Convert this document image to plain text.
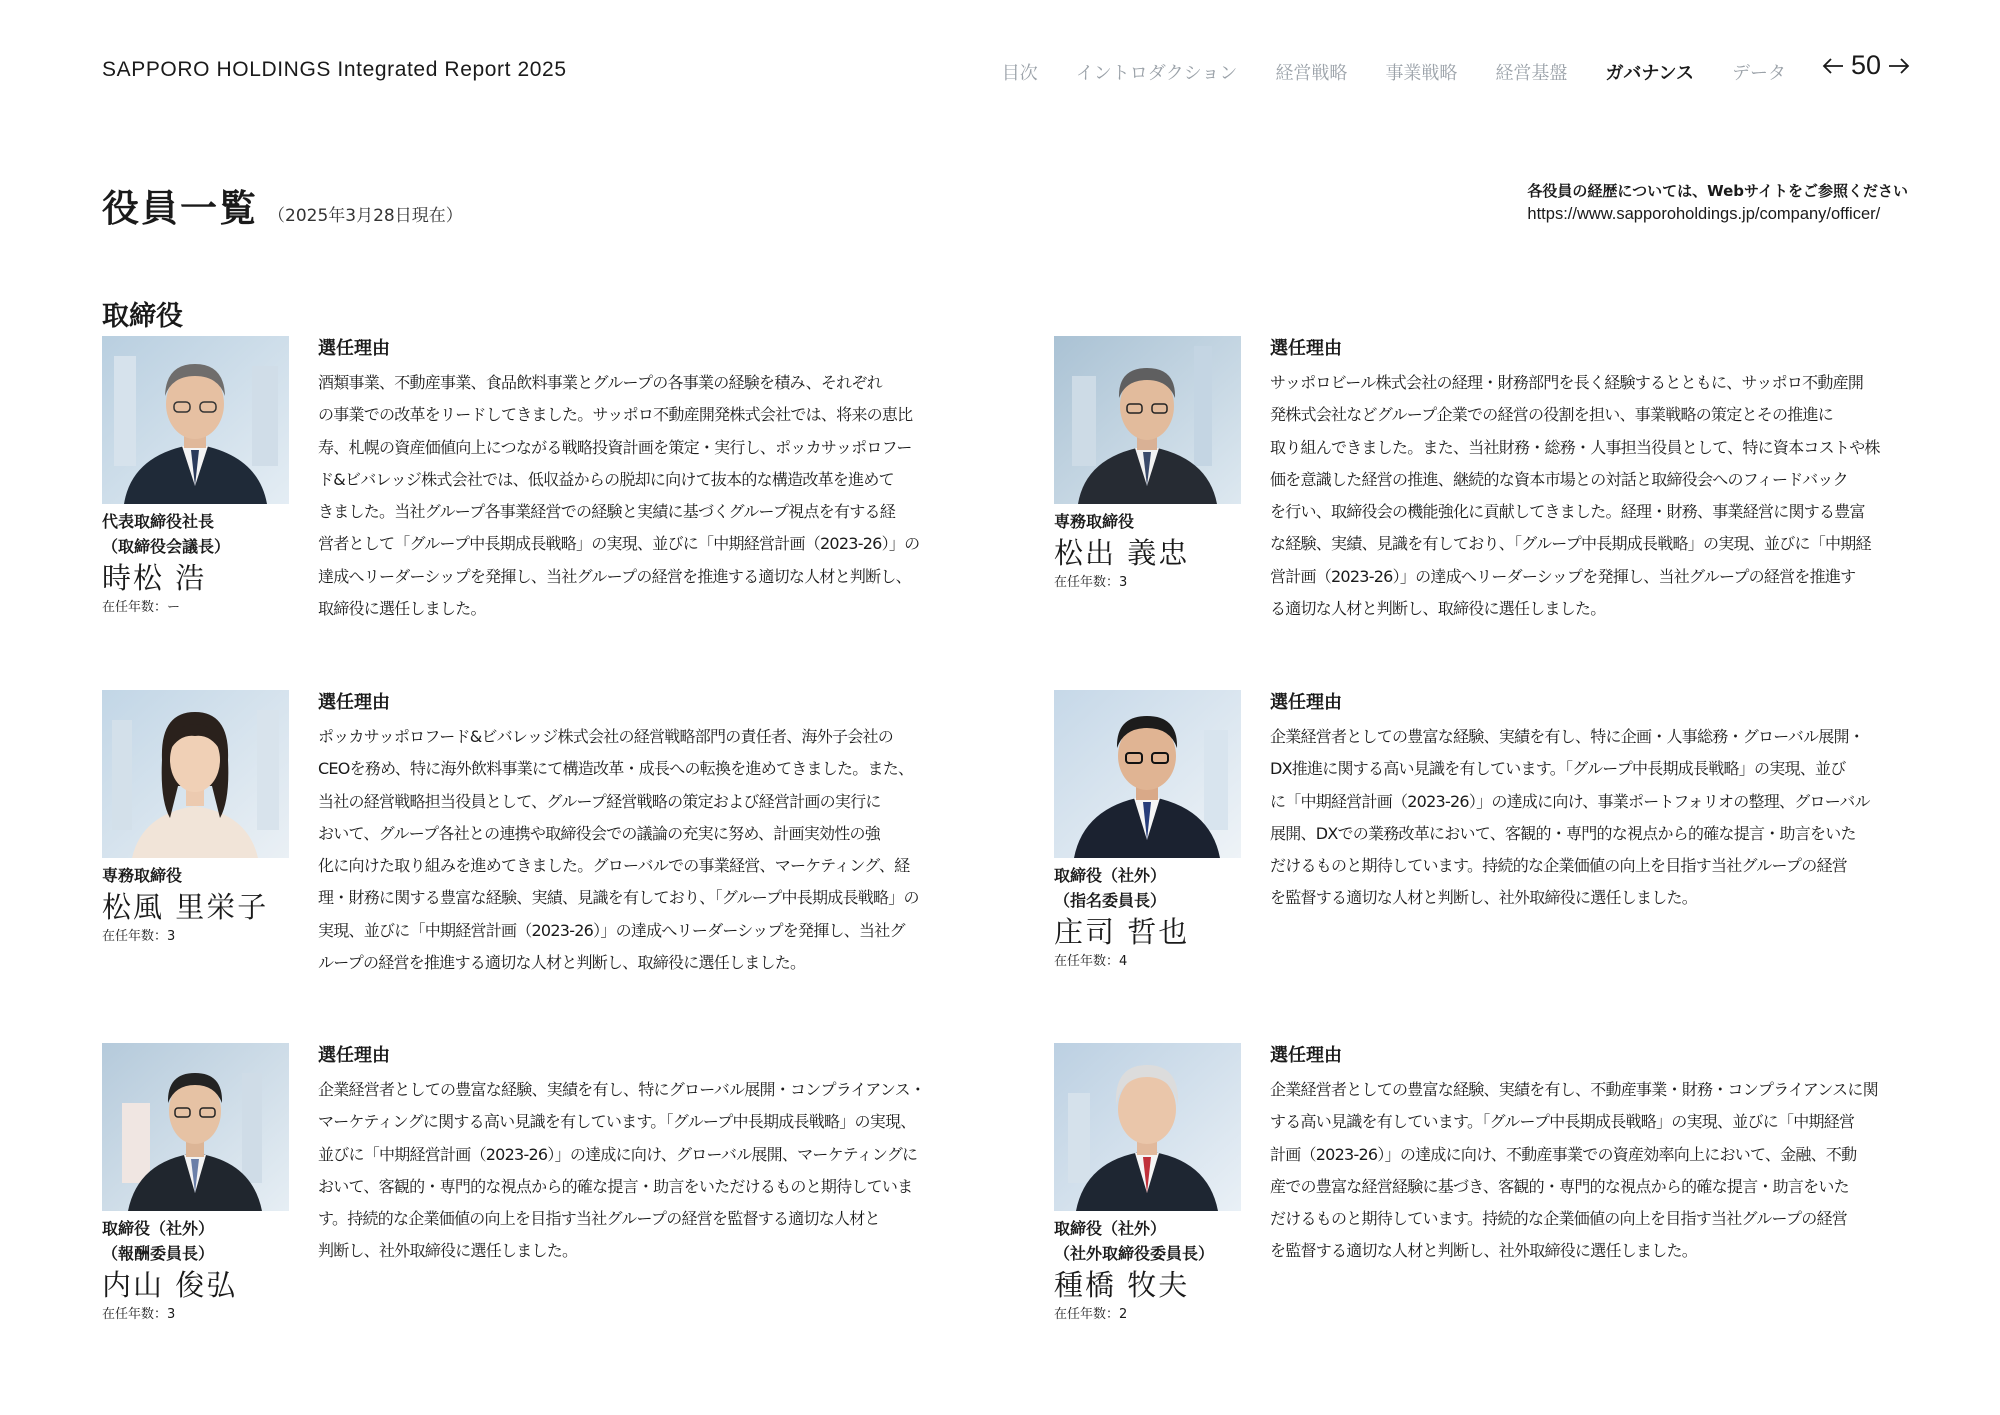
SAPPORO HOLDINGS Integrated Report 2025	目次 イントロダクション 経営戦略 事業戦略 経営基盤 ガバナンス データ 50
役員一覧 （2025年3月28日現在）
各役員の経歴については、Webサイトをご参照ください
https://www.sapporoholdings.jp/company/officer/
取締役
代表取締役社長
（取締役会議長）
時松 浩
在任年数：ー
選任理由
酒類事業、不動産事業、食品飲料事業とグループの各事業の経験を積み、それぞれ
の事業での改革をリードしてきました。サッポロ不動産開発株式会社では、将来の恵比
寿、札幌の資産価値向上につながる戦略投資計画を策定・実行し、ポッカサッポロフー
ド&ビバレッジ株式会社では、低収益からの脱却に向けて抜本的な構造改革を進めて
きました。当社グループ各事業経営での経験と実績に基づくグループ視点を有する経
営者として「グループ中長期成長戦略」の実現、並びに「中期経営計画（2023-26）」の
達成へリーダーシップを発揮し、当社グループの経営を推進する適切な人材と判断し、
取締役に選任しました。
専務取締役
松出 義忠
在任年数：3
選任理由
サッポロビール株式会社の経理・財務部門を長く経験するとともに、サッポロ不動産開
発株式会社などグループ企業での経営の役割を担い、事業戦略の策定とその推進に
取り組んできました。また、当社財務・総務・人事担当役員として、特に資本コストや株
価を意識した経営の推進、継続的な資本市場との対話と取締役会へのフィードバック
を行い、取締役会の機能強化に貢献してきました。経理・財務、事業経営に関する豊富
な経験、実績、見識を有しており、「グループ中長期成長戦略」の実現、並びに「中期経
営計画（2023-26）」の達成へリーダーシップを発揮し、当社グループの経営を推進す
る適切な人材と判断し、取締役に選任しました。
専務取締役
松風 里栄子
在任年数：3
選任理由
ポッカサッポロフード&ビバレッジ株式会社の経営戦略部門の責任者、海外子会社の
CEOを務め、特に海外飲料事業にて構造改革・成長への転換を進めてきました。また、
当社の経営戦略担当役員として、グループ経営戦略の策定および経営計画の実行に
おいて、グループ各社との連携や取締役会での議論の充実に努め、計画実効性の強
化に向けた取り組みを進めてきました。グローバルでの事業経営、マーケティング、経
理・財務に関する豊富な経験、実績、見識を有しており、「グループ中長期成長戦略」の
実現、並びに「中期経営計画（2023-26）」の達成へリーダーシップを発揮し、当社グ
ループの経営を推進する適切な人材と判断し、取締役に選任しました。
取締役（社外）
（指名委員長）
庄司 哲也
在任年数：4
選任理由
企業経営者としての豊富な経験、実績を有し、特に企画・人事総務・グローバル展開・
DX推進に関する高い見識を有しています。「グループ中長期成長戦略」の実現、並び
に「中期経営計画（2023-26）」の達成に向け、事業ポートフォリオの整理、グローバル
展開、DXでの業務改革において、客観的・専門的な視点から的確な提言・助言をいた
だけるものと期待しています。持続的な企業価値の向上を目指す当社グループの経営
を監督する適切な人材と判断し、社外取締役に選任しました。
取締役（社外）
（報酬委員長）
内山 俊弘
在任年数：3
選任理由
企業経営者としての豊富な経験、実績を有し、特にグローバル展開・コンプライアンス・
マーケティングに関する高い見識を有しています。「グループ中長期成長戦略」の実現、
並びに「中期経営計画（2023-26）」の達成に向け、グローバル展開、マーケティングに
おいて、客観的・専門的な視点から的確な提言・助言をいただけるものと期待していま
す。持続的な企業価値の向上を目指す当社グループの経営を監督する適切な人材と
判断し、社外取締役に選任しました。
取締役（社外）
（社外取締役委員長）
種橋 牧夫
在任年数：2
選任理由
企業経営者としての豊富な経験、実績を有し、不動産事業・財務・コンプライアンスに関
する高い見識を有しています。「グループ中長期成長戦略」の実現、並びに「中期経営
計画（2023-26）」の達成に向け、不動産事業での資産効率向上において、金融、不動
産での豊富な経営経験に基づき、客観的・専門的な視点から的確な提言・助言をいた
だけるものと期待しています。持続的な企業価値の向上を目指す当社グループの経営
を監督する適切な人材と判断し、社外取締役に選任しました。
